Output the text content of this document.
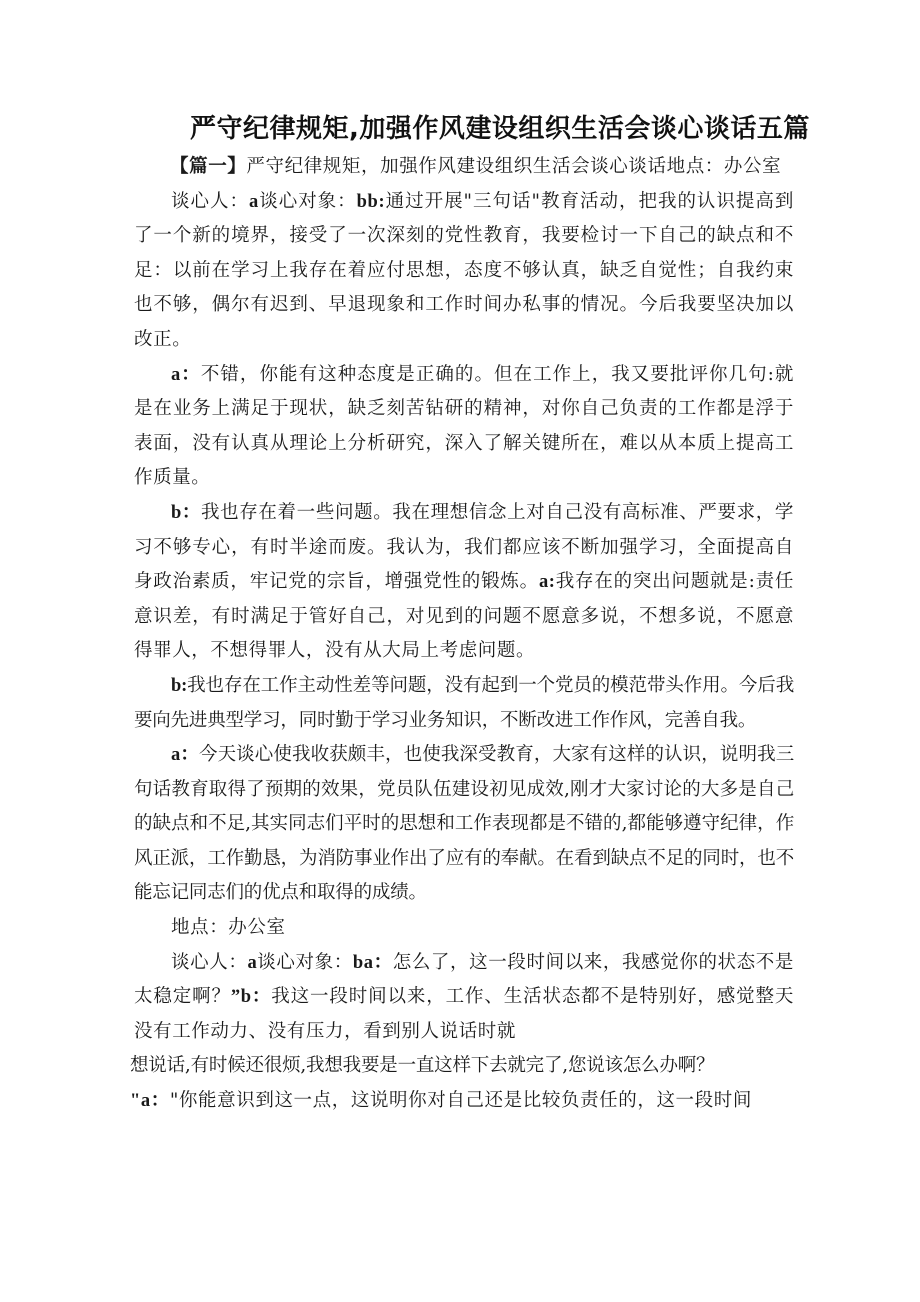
严守纪律规矩,加强作风建设组织生活会谈心谈话五篇

【篇一】严守纪律规矩，加强作风建设组织生活会谈心谈话地点：办公室

谈心人：a谈心对象：bb:通过开展"三句话"教育活动，把我的认识提高到了一个新的境界，接受了一次深刻的党性教育，我要检讨一下自己的缺点和不足：以前在学习上我存在着应付思想，态度不够认真，缺乏自觉性；自我约束也不够，偶尔有迟到、早退现象和工作时间办私事的情况。今后我要坚决加以改正。

a：不错，你能有这种态度是正确的。但在工作上，我又要批评你几句:就是在业务上满足于现状，缺乏刻苦钻研的精神，对你自己负责的工作都是浮于表面，没有认真从理论上分析研究，深入了解关键所在，难以从本质上提高工作质量。

b：我也存在着一些问题。我在理想信念上对自己没有高标准、严要求，学习不够专心，有时半途而废。我认为，我们都应该不断加强学习，全面提高自身政治素质，牢记党的宗旨，增强党性的锻炼。a:我存在的突出问题就是:责任意识差，有时满足于管好自己，对见到的问题不愿意多说，不想多说，不愿意得罪人，不想得罪人，没有从大局上考虑问题。

b:我也存在工作主动性差等问题，没有起到一个党员的模范带头作用。今后我要向先进典型学习，同时勤于学习业务知识，不断改进工作作风，完善自我。

a：今天谈心使我收获颇丰，也使我深受教育，大家有这样的认识，说明我三句话教育取得了预期的效果，党员队伍建设初见成效,刚才大家讨论的大多是自己的缺点和不足,其实同志们平时的思想和工作表现都是不错的,都能够遵守纪律，作风正派，工作勤恳，为消防事业作出了应有的奉献。在看到缺点不足的同时，也不能忘记同志们的优点和取得的成绩。

地点：办公室

谈心人：a谈心对象：ba：怎么了，这一段时间以来，我感觉你的状态不是太稳定啊？”b：我这一段时间以来，工作、生活状态都不是特别好，感觉整天没有工作动力、没有压力，看到别人说话时就

想说话,有时候还很烦,我想我要是一直这样下去就完了,您说该怎么办啊？

"a："你能意识到这一点，这说明你对自己还是比较负责任的，这一段时间
